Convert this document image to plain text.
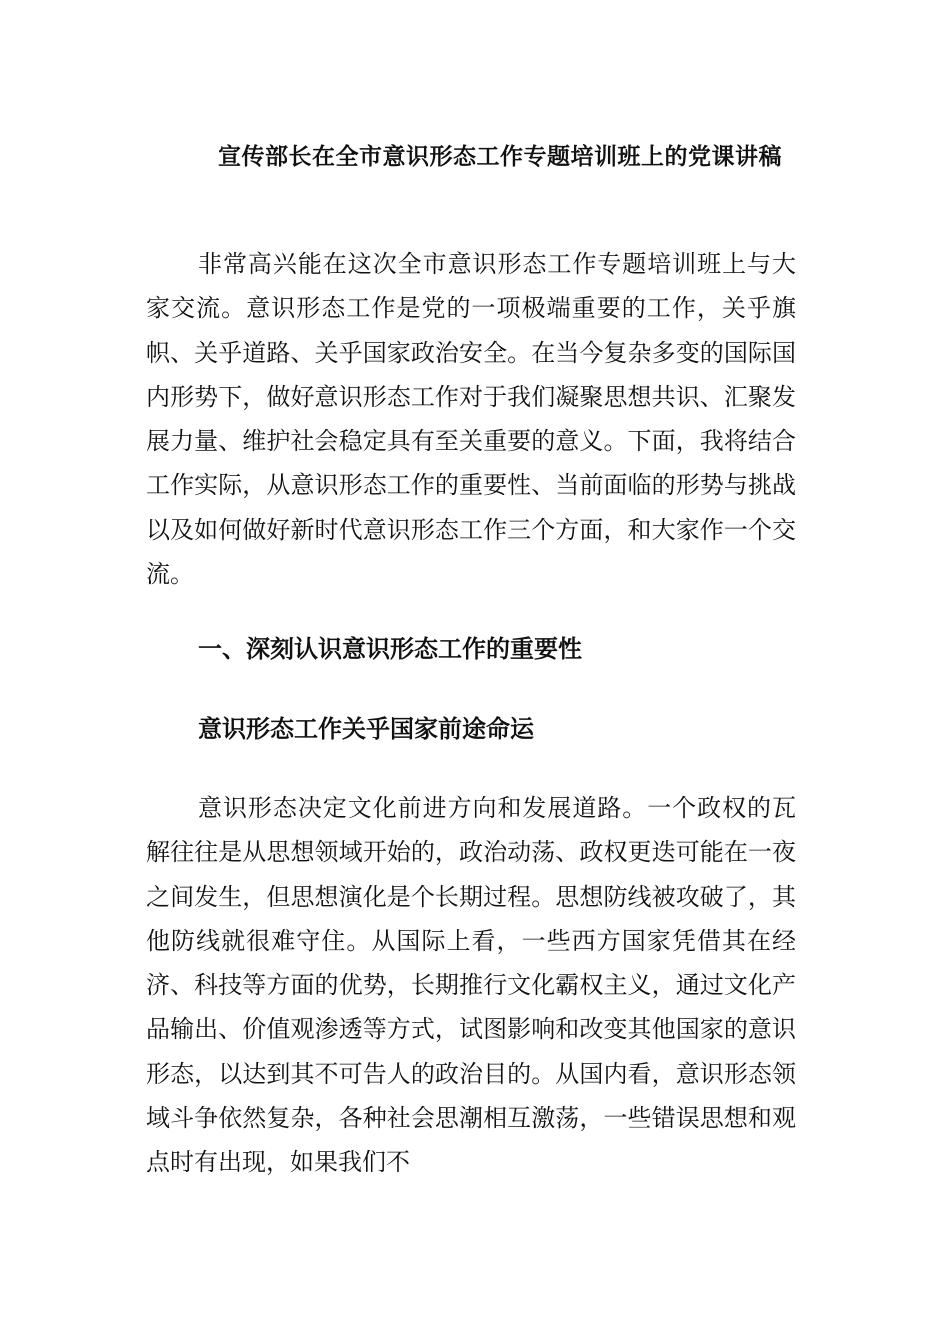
宣传部长在全市意识形态工作专题培训班上的党课讲稿

非常高兴能在这次全市意识形态工作专题培训班上与大家交流。意识形态工作是党的一项极端重要的工作，关乎旗帜、关乎道路、关乎国家政治安全。在当今复杂多变的国际国内形势下，做好意识形态工作对于我们凝聚思想共识、汇聚发展力量、维护社会稳定具有至关重要的意义。下面，我将结合工作实际，从意识形态工作的重要性、当前面临的形势与挑战以及如何做好新时代意识形态工作三个方面，和大家作一个交流。

一、深刻认识意识形态工作的重要性
意识形态工作关乎国家前途命运

意识形态决定文化前进方向和发展道路。一个政权的瓦解往往是从思想领域开始的，政治动荡、政权更迭可能在一夜之间发生，但思想演化是个长期过程。思想防线被攻破了，其他防线就很难守住。从国际上看，一些西方国家凭借其在经济、科技等方面的优势，长期推行文化霸权主义，通过文化产品输出、价值观渗透等方式，试图影响和改变其他国家的意识形态，以达到其不可告人的政治目的。从国内看，意识形态领域斗争依然复杂，各种社会思潮相互激荡，一些错误思想和观点时有出现，如果我们不
